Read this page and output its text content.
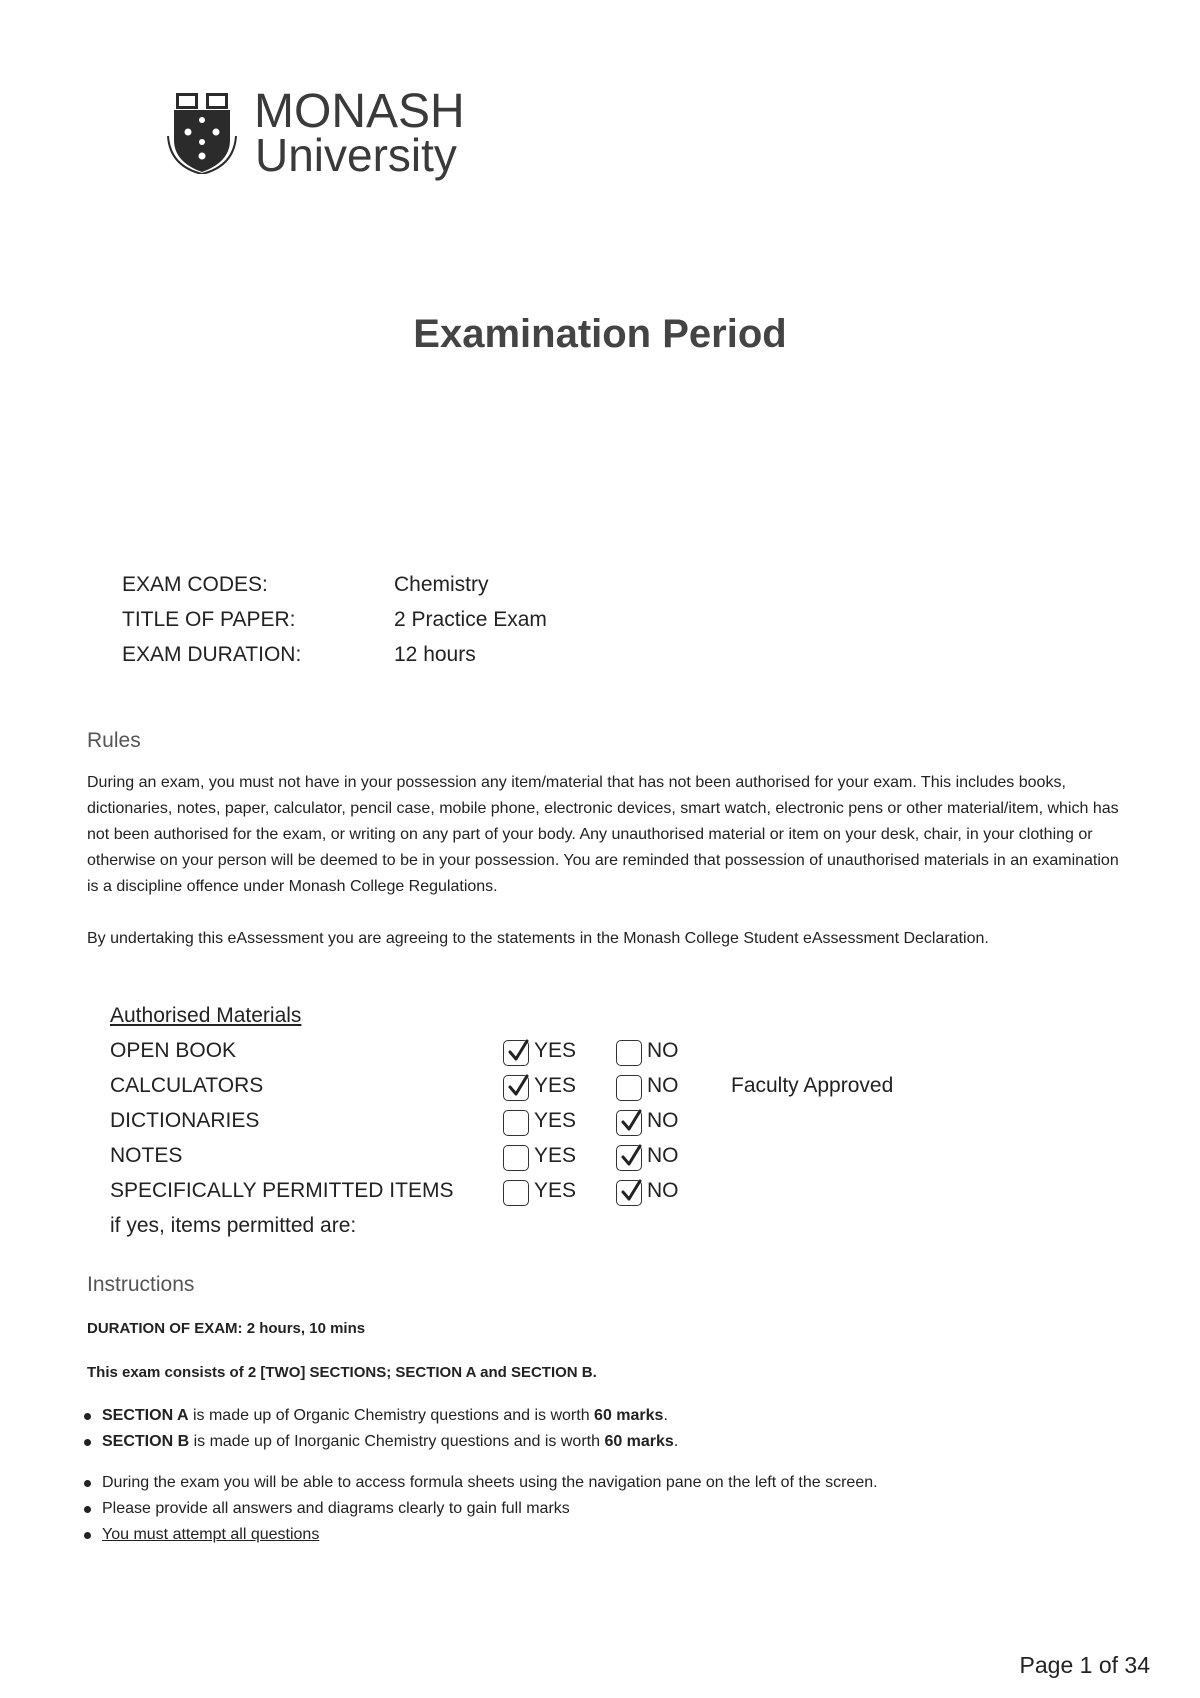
MONASH
University
Examination Period
EXAM CODES:	Chemistry
TITLE OF PAPER:	2 Practice Exam
EXAM DURATION:	12 hours
Rules
During an exam, you must not have in your possession any item/material that has not been authorised for your exam. This includes books, dictionaries, notes, paper, calculator, pencil case, mobile phone, electronic devices, smart watch, electronic pens or other material/item, which has not been authorised for the exam, or writing on any part of your body. Any unauthorised material or item on your desk, chair, in your clothing or otherwise on your person will be deemed to be in your possession. You are reminded that possession of unauthorised materials in an examination is a discipline offence under Monash College Regulations.
By undertaking this eAssessment you are agreeing to the statements in the Monash College Student eAssessment Declaration.
Authorised Materials
OPEN BOOK	YES	NO
CALCULATORS	YES	NO	Faculty Approved
DICTIONARIES	YES	NO
NOTES	YES	NO
SPECIFICALLY PERMITTED ITEMS	YES	NO
if yes, items permitted are:
Instructions
DURATION OF EXAM: 2 hours, 10 mins
This exam consists of 2 [TWO] SECTIONS; SECTION A and SECTION B.
SECTION A is made up of Organic Chemistry questions and is worth 60 marks.
SECTION B is made up of Inorganic Chemistry questions and is worth 60 marks.
During the exam you will be able to access formula sheets using the navigation pane on the left of the screen.
Please provide all answers and diagrams clearly to gain full marks
You must attempt all questions
Page 1 of 34
